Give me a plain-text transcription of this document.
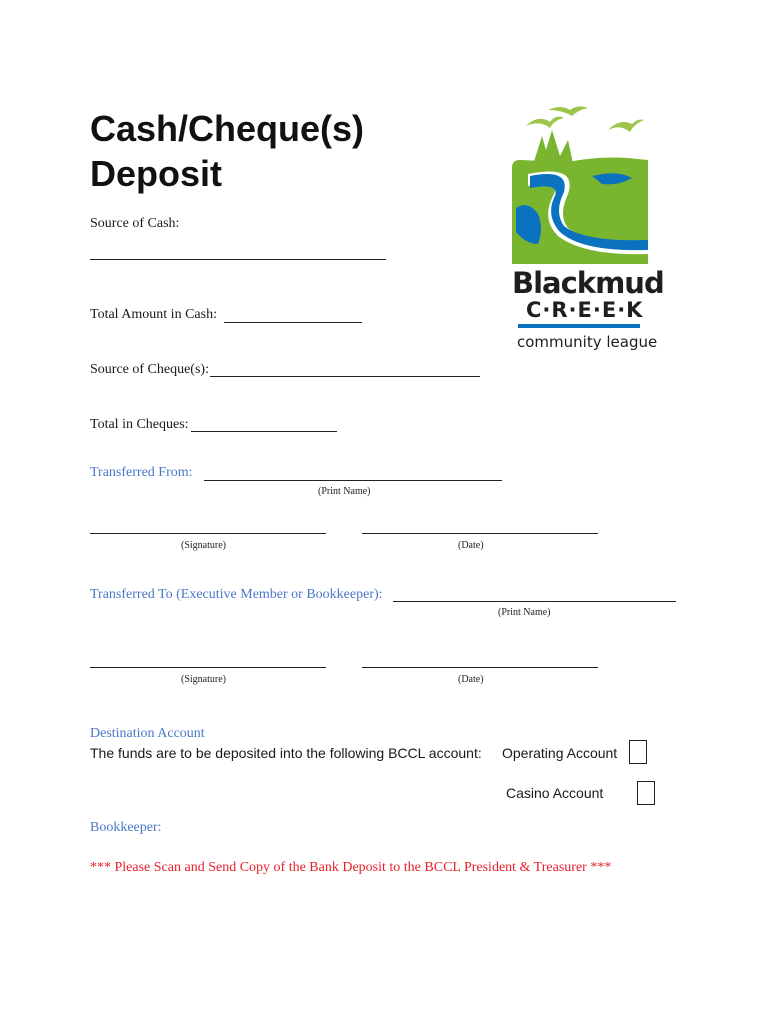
Cash/Cheque(s)
Deposit
Blackmud
C·R·E·E·K
community league
Source of Cash:
Total Amount in Cash:
Source of Cheque(s):
Total in Cheques:
Transferred From:
(Print Name)
(Signature)	(Date)
Transferred To (Executive Member or Bookkeeper):
(Print Name)
(Signature)	(Date)
Destination Account
The funds are to be deposited into the following BCCL account: Operating Account
Casino Account
Bookkeeper:
*** Please Scan and Send Copy of the Bank Deposit to the BCCL President & Treasurer ***
